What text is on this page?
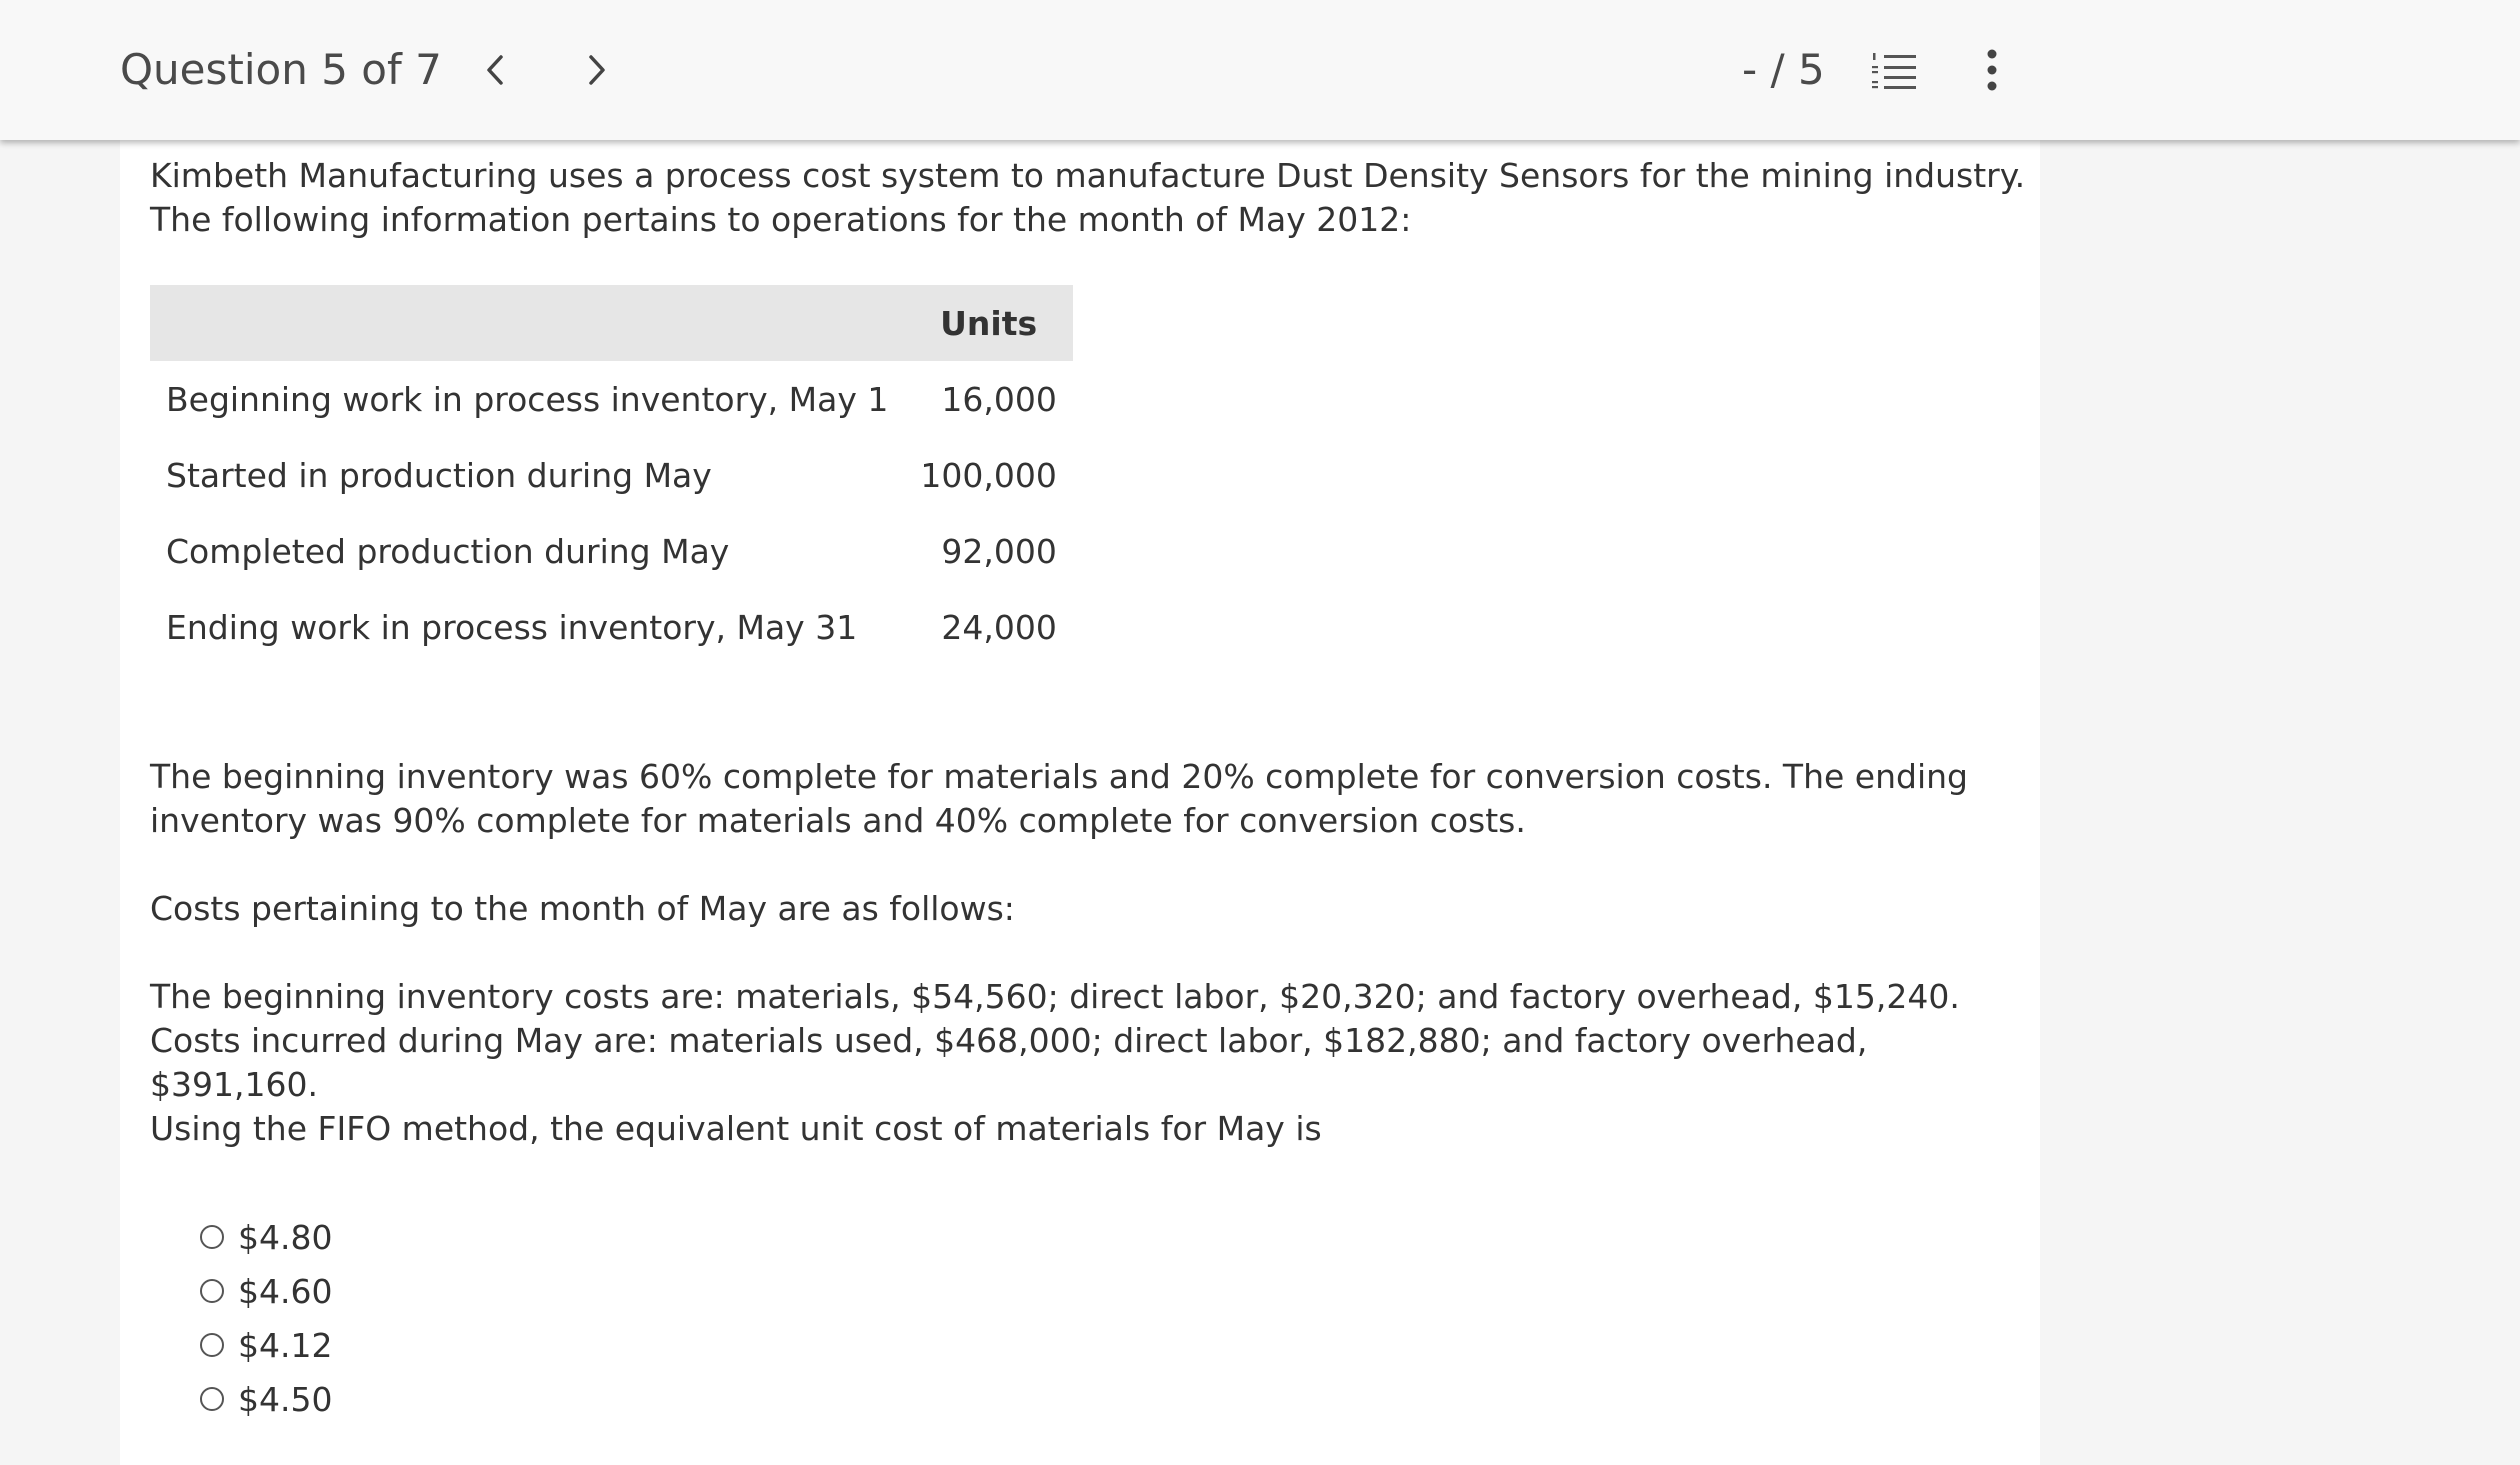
Question 5 of 7	- / 5
Kimbeth Manufacturing uses a process cost system to manufacture Dust Density Sensors for the mining industry. The following information pertains to operations for the month of May 2012:
	Units
Beginning work in process inventory, May 1	16,000
Started in production during May	100,000
Completed production during May	92,000
Ending work in process inventory, May 31	24,000
The beginning inventory was 60% complete for materials and 20% complete for conversion costs. The ending inventory was 90% complete for materials and 40% complete for conversion costs.
Costs pertaining to the month of May are as follows:
The beginning inventory costs are: materials, $54,560; direct labor, $20,320; and factory overhead, $15,240.
Costs incurred during May are: materials used, $468,000; direct labor, $182,880; and factory overhead, $391,160.
Using the FIFO method, the equivalent unit cost of materials for May is
$4.80
$4.60
$4.12
$4.50
